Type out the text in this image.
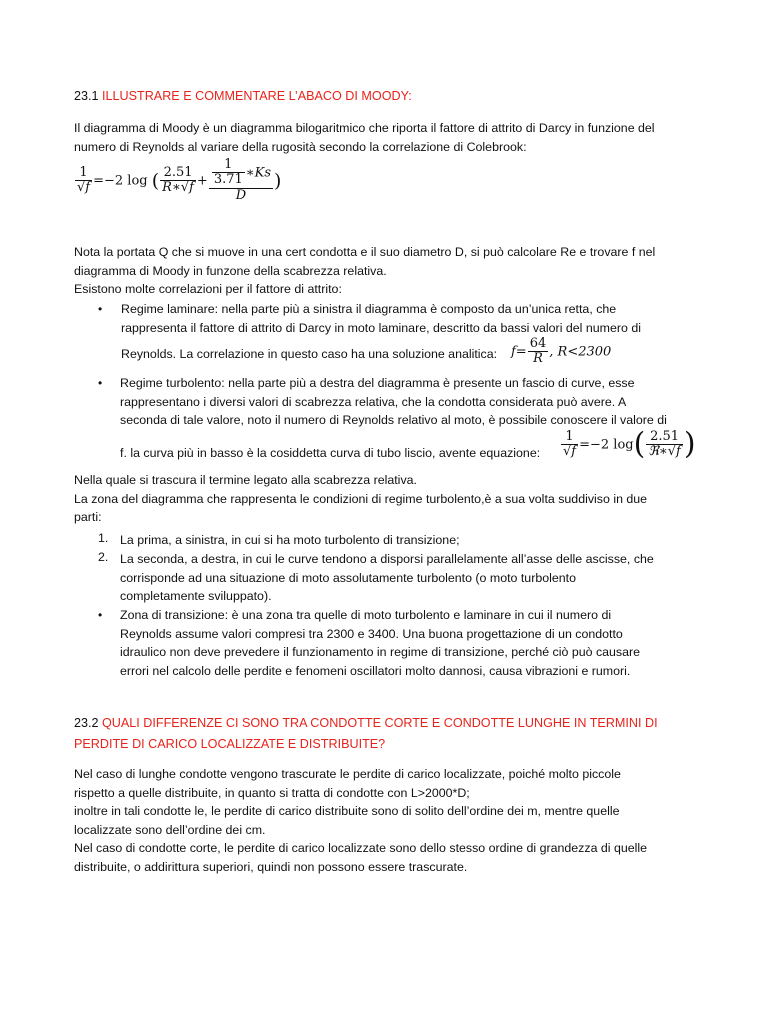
23.1 ILLUSTRARE E COMMENTARE L’ABACO DI MOODY:
Il diagramma di Moody è un diagramma bilogaritmico che riporta il fattore di attrito di Darcy in funzione del
numero di Reynolds al variare della rugosità secondo la correlazione di Colebrook:
$\frac{1}{√f} =-2$ log ( $\frac{2.51}{R∗√f} + \frac{\frac{1}{3.71} ∗Ks}{D}$ )
Nota la portata Q che si muove in una cert condotta e il suo diametro D, si può calcolare Re e trovare f nel
diagramma di Moody in funzone della scabrezza relativa.
Esistono molte correlazioni per il fattore di attrito:
• Regime laminare: nella parte più a sinistra il diagramma è composto da un’unica retta, che
rappresenta il fattore di attrito di Darcy in moto laminare, descritto da bassi valori del numero di
Reynolds. La correlazione in questo caso ha una soluzione analitica: $f= \frac{64}{R}$ , R<2300
• Regime turbolento: nella parte più a destra del diagramma è presente un fascio di curve, esse
rappresentano i diversi valori di scabrezza relativa, che la condotta considerata può avere. A
seconda di tale valore, noto il numero di Reynolds relativo al moto, è possibile conoscere il valore di
f. la curva più in basso è la cosiddetta curva di tubo liscio, avente equazione: $\frac{1}{√f} =-2$ $\log( \frac{2.51}{\text{ℜ∗√f}}$ )
Nella quale si trascura il termine legato alla scabrezza relativa.
La zona del diagramma che rappresenta le condizioni di regime turbolento,è a sua volta suddiviso in due
parti:
1. La prima, a sinistra, in cui si ha moto turbolento di transizione;
2. La seconda, a destra, in cui le curve tendono a disporsi parallelamente all’asse delle ascisse, che
corrisponde ad una situazione di moto assolutamente turbolento (o moto turbolento
completamente sviluppato).
• Zona di transizione: è una zona tra quelle di moto turbolento e laminare in cui il numero di
Reynolds assume valori compresi tra 2300 e 3400. Una buona progettazione di un condotto
idraulico non deve prevedere il funzionamento in regime di transizione, perché ciò può causare
errori nel calcolo delle perdite e fenomeni oscillatori molto dannosi, causa vibrazioni e rumori.
23.2 QUALI DIFFERENZE CI SONO TRA CONDOTTE CORTE E CONDOTTE LUNGHE IN TERMINI DI
PERDITE DI CARICO LOCALIZZATE E DISTRIBUITE?
Nel caso di lunghe condotte vengono trascurate le perdite di carico localizzate, poiché molto piccole
rispetto a quelle distribuite, in quanto si tratta di condotte con L>2000*D;
inoltre in tali condotte le, le perdite di carico distribuite sono di solito dell’ordine dei m, mentre quelle
localizzate sono dell’ordine dei cm.
Nel caso di condotte corte, le perdite di carico localizzate sono dello stesso ordine di grandezza di quelle
distribuite, o addirittura superiori, quindi non possono essere trascurate.
